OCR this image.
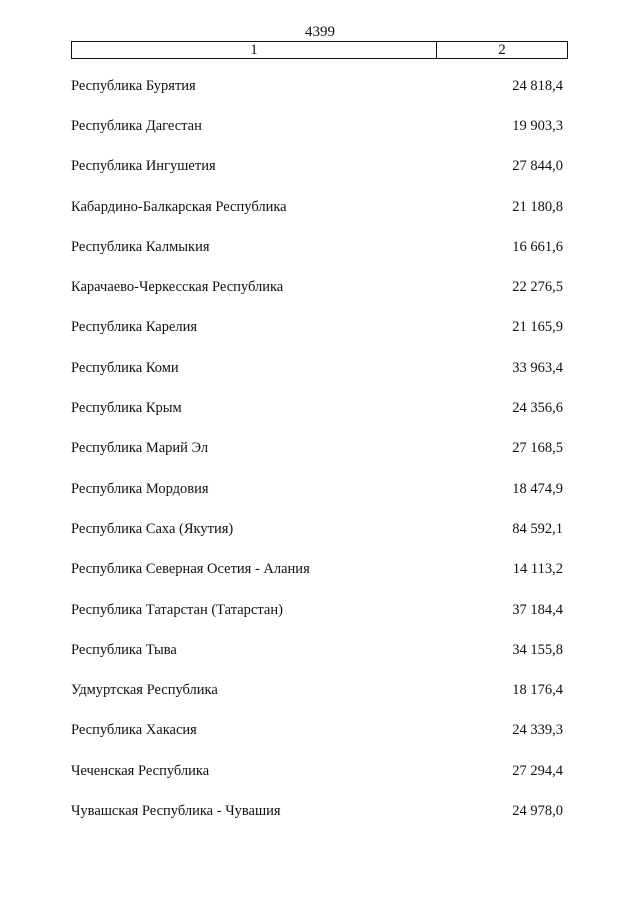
4399
1	2
Республика Бурятия	24 818,4
Республика Дагестан	19 903,3
Республика Ингушетия	27 844,0
Кабардино-Балкарская Республика	21 180,8
Республика Калмыкия	16 661,6
Карачаево-Черкесская Республика	22 276,5
Республика Карелия	21 165,9
Республика Коми	33 963,4
Республика Крым	24 356,6
Республика Марий Эл	27 168,5
Республика Мордовия	18 474,9
Республика Саха (Якутия)	84 592,1
Республика Северная Осетия - Алания	14 113,2
Республика Татарстан (Татарстан)	37 184,4
Республика Тыва	34 155,8
Удмуртская Республика	18 176,4
Республика Хакасия	24 339,3
Чеченская Республика	27 294,4
Чувашская Республика - Чувашия	24 978,0
